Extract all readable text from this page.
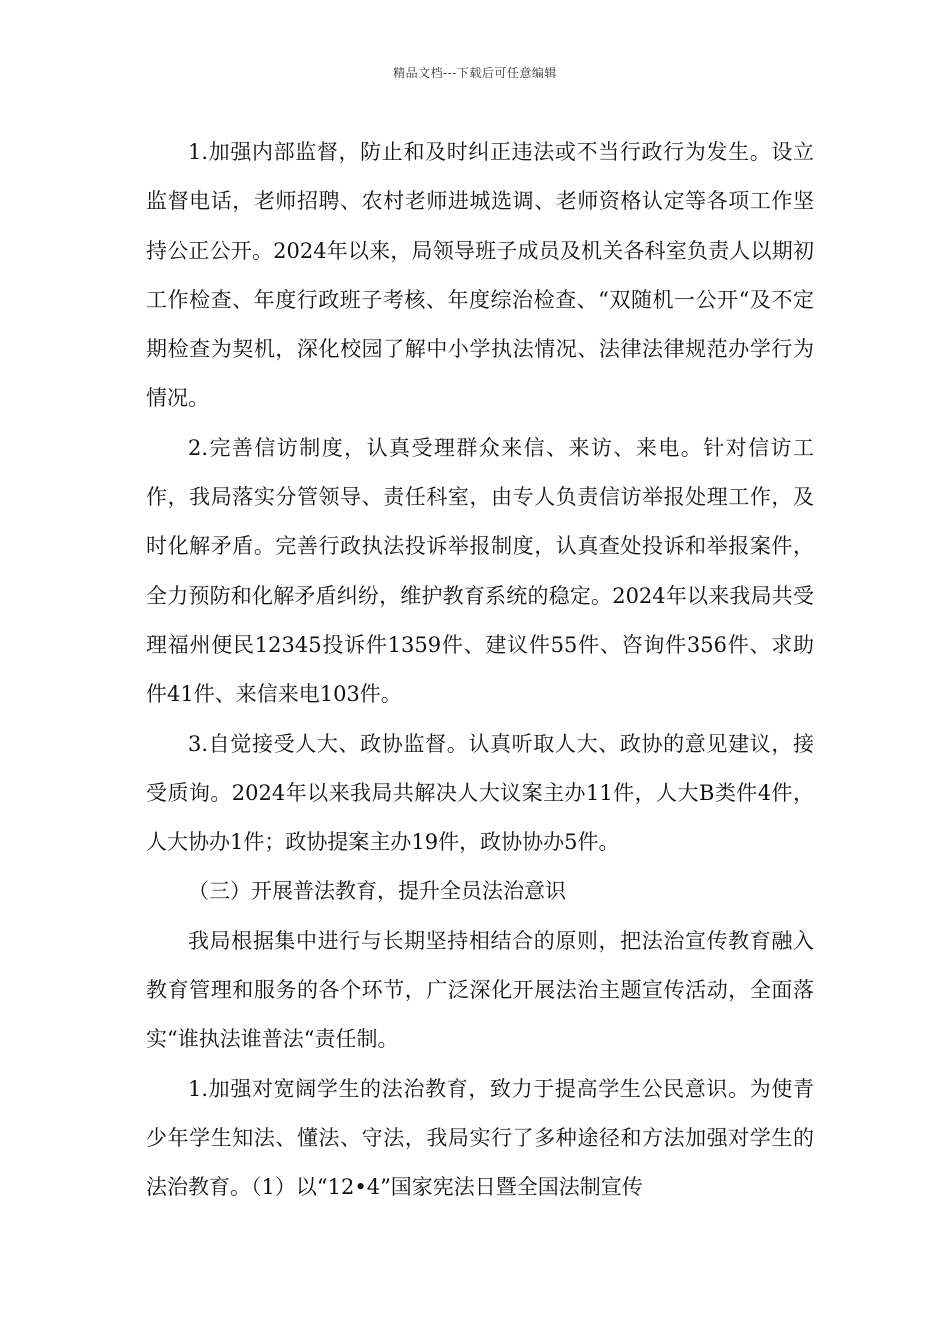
精品文档---下载后可任意编辑

1.加强内部监督，防止和及时纠正违法或不当行政行为发生。设立监督电话，老师招聘、农村老师进城选调、老师资格认定等各项工作坚持公正公开。2024年以来，局领导班子成员及机关各科室负责人以期初工作检查、年度行政班子考核、年度综治检查、“双随机一公开“及不定期检查为契机，深化校园了解中小学执法情况、法律法律规范办学行为情况。

2.完善信访制度，认真受理群众来信、来访、来电。针对信访工作，我局落实分管领导、责任科室，由专人负责信访举报处理工作，及时化解矛盾。完善行政执法投诉举报制度，认真查处投诉和举报案件，全力预防和化解矛盾纠纷，维护教育系统的稳定。2024年以来我局共受理福州便民12345投诉件1359件、建议件55件、咨询件356件、求助件41件、来信来电103件。

3.自觉接受人大、政协监督。认真听取人大、政协的意见建议，接受质询。2024年以来我局共解决人大议案主办11件，人大B类件4件，人大协办1件；政协提案主办19件，政协协办5件。

（三）开展普法教育，提升全员法治意识

我局根据集中进行与长期坚持相结合的原则，把法治宣传教育融入教育管理和服务的各个环节，广泛深化开展法治主题宣传活动，全面落实“谁执法谁普法“责任制。

1.加强对宽阔学生的法治教育，致力于提高学生公民意识。为使青少年学生知法、懂法、守法，我局实行了多种途径和方法加强对学生的法治教育。（1）以“12•4”国家宪法日暨全国法制宣传
